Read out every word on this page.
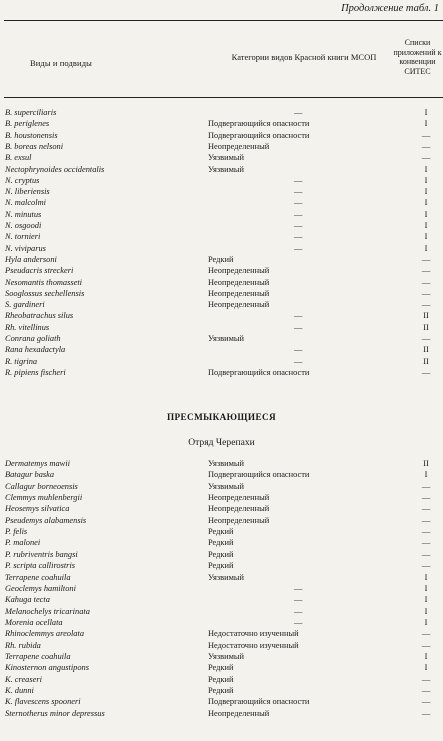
Продолжение табл. 1
Виды и подвиды
Категории видов Красной книги МСОП
Списки приложений к конвенции СИТЕС
B. superciliaris	—	I
B. periglenes	Подвергающийся опасности	I
B. houstonensis	Подвергающийся опасности	—
B. boreas nelsoni	Неопределенный	—
B. exsul	Уязвимый	—
Nectophrynoides occidentalis	Уязвимый	I
N. cryptus	—	I
N. liberiensis	—	I
N. malcolmi	—	I
N. minutus	—	I
N. osgoodi	—	I
N. tornieri	—	I
N. viviparus	—	I
Hyla andersoni	Редкий	—
Pseudacris streckeri	Неопределенный	—
Nesomantis thomasseti	Неопределенный	—
Sooglossus sechellensis	Неопределенный	—
S. gardineri	Неопределенный	—
Rheobatrachus silus	—	II
Rh. vitellinus	—	II
Conrana goliath	Уязвимый	—
Rana hexadactyla	—	II
R. tigrina	—	II
R. pipiens fischeri	Подвергающийся опасности	—
ПРЕСМЫКАЮЩИЕСЯ
Отряд Черепахи
Dermatemys mawii	Уязвимый	II
Batagur baska	Подвергающийся опасности	I
Callagur borneoensis	Уязвимый	—
Clemmys muhlenbergii	Неопределенный	—
Heosemys silvatica	Неопределенный	—
Pseudemys alabamensis	Неопределенный	—
P. felis	Редкий	—
P. malonei	Редкий	—
P. rubriventris bangsi	Редкий	—
P. scripta callirostris	Редкий	—
Terrapene coahuila	Уязвимый	I
Geoclemys hamiltoni	—	I
Kahuga tecta	—	I
Melanochelys tricarinata	—	I
Morenia ocellata	—	I
Rhinoclemmys areolata	Недостаточно изученный	—
Rh. rubida	Недостаточно изученный	—
Terrapene coahuila	Уязвимый	I
Kinosternon angustipons	Редкий	I
K. creaseri	Редкий	—
K. dunni	Редкий	—
K. flavescens spooneri	Подвергающийся опасности	—
Sternotherus minor depressus	Неопределенный	—
